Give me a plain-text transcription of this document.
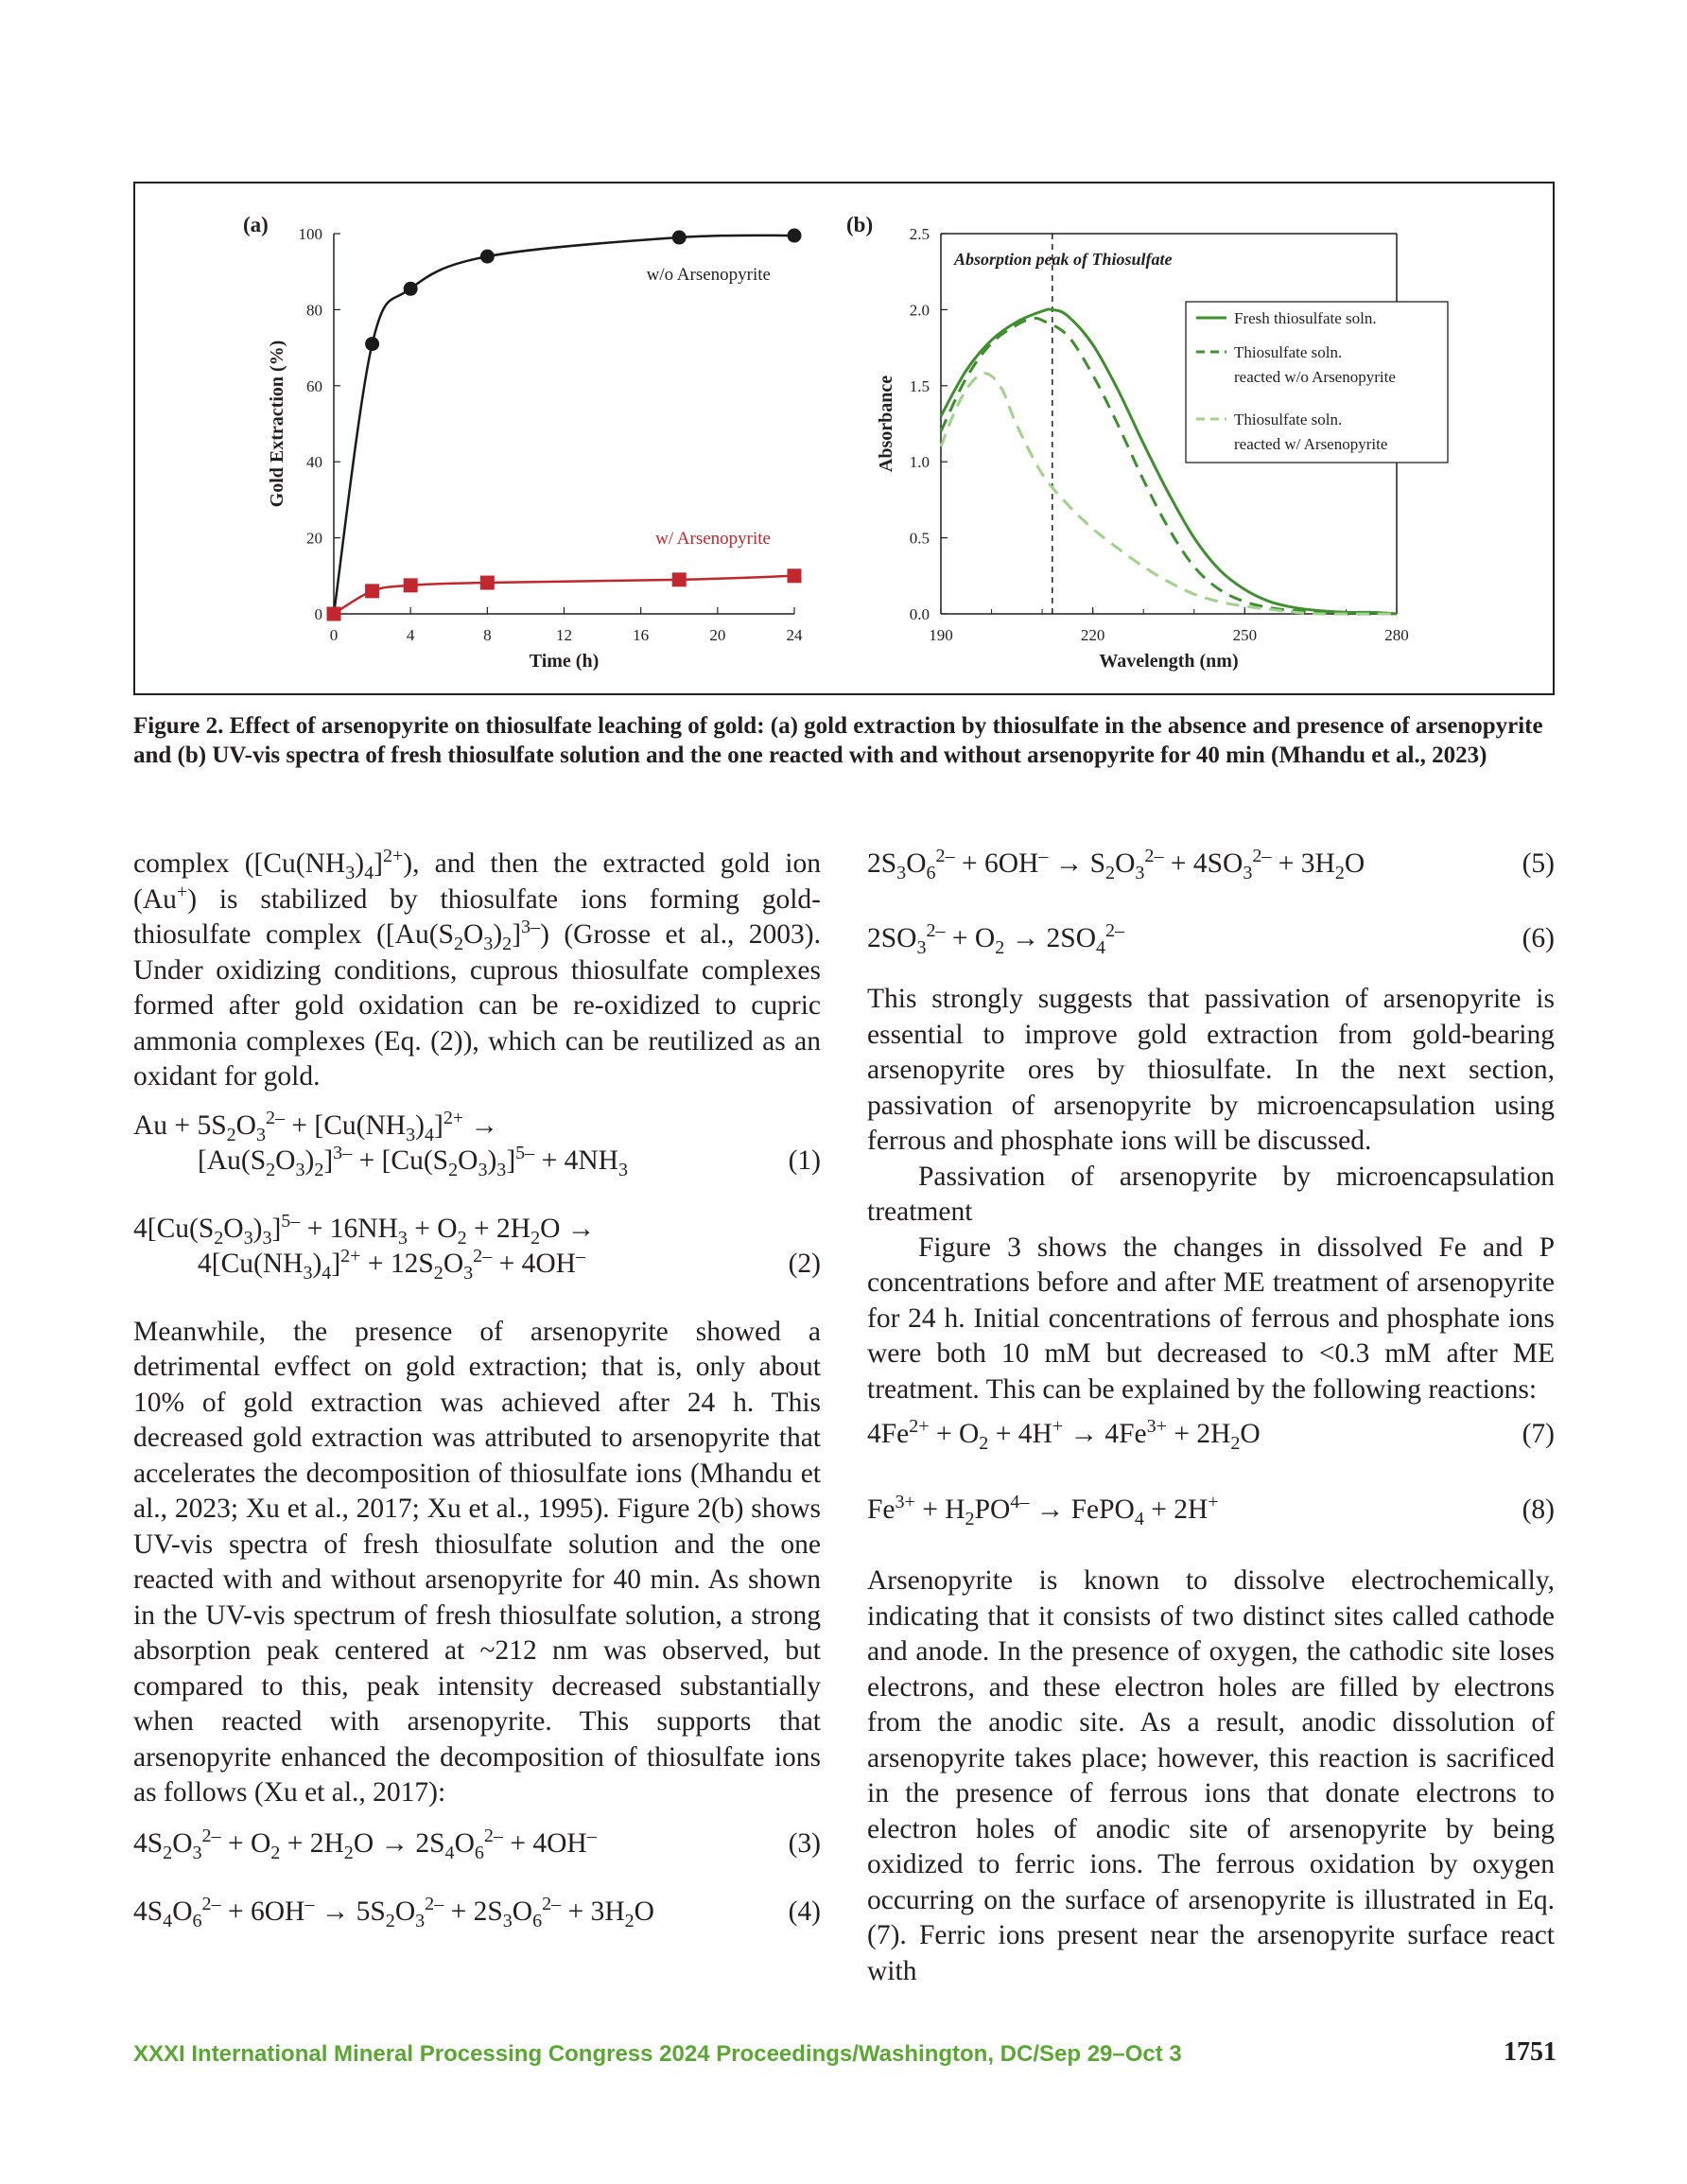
0
20
40
60
80
100
0	4	8	12	16	20	24
Time (h)
Gold Extraction (%)
(a)
w/o Arsenopyrite
w/ Arsenopyrite
0.0
0.5
1.0
1.5
2.0
2.5
190	220	250	280
Wavelength (nm)
Absorbance
(b)
Absorption peak of Thiosulfate
Fresh thiosulfate soln.
Thiosulfate soln.
reacted w/o Arsenopyrite
Thiosulfate soln.
reacted w/ Arsenopyrite
Figure 2. Effect of arsenopyrite on thiosulfate leaching of gold: (a) gold extraction by thiosulfate in the absence and presence of arsenopyrite and (b) UV-vis spectra of fresh thiosulfate solution and the one reacted with and without arsenopyrite for 40 min (Mhandu et al., 2023)

complex $([Cu(NH_3)_4]^{2+})$, and then the extracted gold ion (Au+) is stabilized by thiosulfate ions forming gold-thiosulfate complex $([Au(S_2O_3)_2]^{3-})$ (Grosse et al., 2003). Under oxidizing conditions, cuprous thiosulfate complexes formed after gold oxidation can be re-oxidized to cupric ammonia complexes (Eq. (2)), which can be reutilized as an oxidant for gold.

$Au + 5S_2O_3^{2-} + [Cu(NH_3)_4]^{2+}$ →
$[Au(S_2O_3)_2]^{3-} + [Cu(S_2O_3)_3]^{5-} + 4NH_3$	(1)
$4[Cu(S_2O_3)_3]^{5-} + 16NH_3 + O_2 + 2H_2O$ →
$4[Cu(NH_3)_4]^{2+} + 12S_2O_3^{2-} + 4OH^-$	(2)

Meanwhile, the presence of arsenopyrite showed a detrimental evffect on gold extraction; that is, only about 10% of gold extraction was achieved after 24 h. This decreased gold extraction was attributed to arsenopyrite that accelerates the decomposition of thiosulfate ions (Mhandu et al., 2023; Xu et al., 2017; Xu et al., 1995). Figure 2(b) shows UV-vis spectra of fresh thiosulfate solution and the one reacted with and without arsenopyrite for 40 min. As shown in the UV-vis spectrum of fresh thiosulfate solution, a strong absorption peak centered at ~212 nm was observed, but compared to this, peak intensity decreased substantially when reacted with arsenopyrite. This supports that arsenopyrite enhanced the decomposition of thiosulfate ions as follows (Xu et al., 2017):

$4S_2O_3^{2-} + O_2 + 2H_2O \to 2S_4O_6^{2-} + 4OH^-$	(3)
$4S_4O_6^{2-} + 6OH^- \to 5S_2O_3^{2-} + 2S_3O_6^{2-} + 3H_2O$	(4)
$2S_3O_6^{2-} + 6OH^- \to S_2O_3^{2-} + 4SO_3^{2-} + 3H_2O$	(5)
$2SO_3^{2-} + O_2 \to 2SO_4^{2-}$	(6)

This strongly suggests that passivation of arsenopyrite is essential to improve gold extraction from gold-bearing arsenopyrite ores by thiosulfate. In the next section, passivation of arsenopyrite by microencapsulation using ferrous and phosphate ions will be discussed.

Passivation of arsenopyrite by microencapsulation treatment

Figure 3 shows the changes in dissolved Fe and P concentrations before and after ME treatment of arsenopyrite for 24 h. Initial concentrations of ferrous and phosphate ions were both 10 mM but decreased to <0.3 mM after ME treatment. This can be explained by the following reactions:

$4Fe^{2+} + O_2 + 4H^+ \to 4Fe^{3+} + 2H_2O$	(7)
$Fe^{3+} + H_2PO^{4-}$ → FePO$_4$ + 2H+	(8)

Arsenopyrite is known to dissolve electrochemically, indicating that it consists of two distinct sites called cathode and anode. In the presence of oxygen, the cathodic site loses electrons, and these electron holes are filled by electrons from the anodic site. As a result, anodic dissolution of arsenopyrite takes place; however, this reaction is sacrificed in the presence of ferrous ions that donate electrons to electron holes of anodic site of arsenopyrite by being oxidized to ferric ions. The ferrous oxidation by oxygen occurring on the surface of arsenopyrite is illustrated in Eq. (7). Ferric ions present near the arsenopyrite surface react with

XXXI International Mineral Processing Congress 2024 Proceedings/Washington, DC/Sep 29–Oct 3	1751
